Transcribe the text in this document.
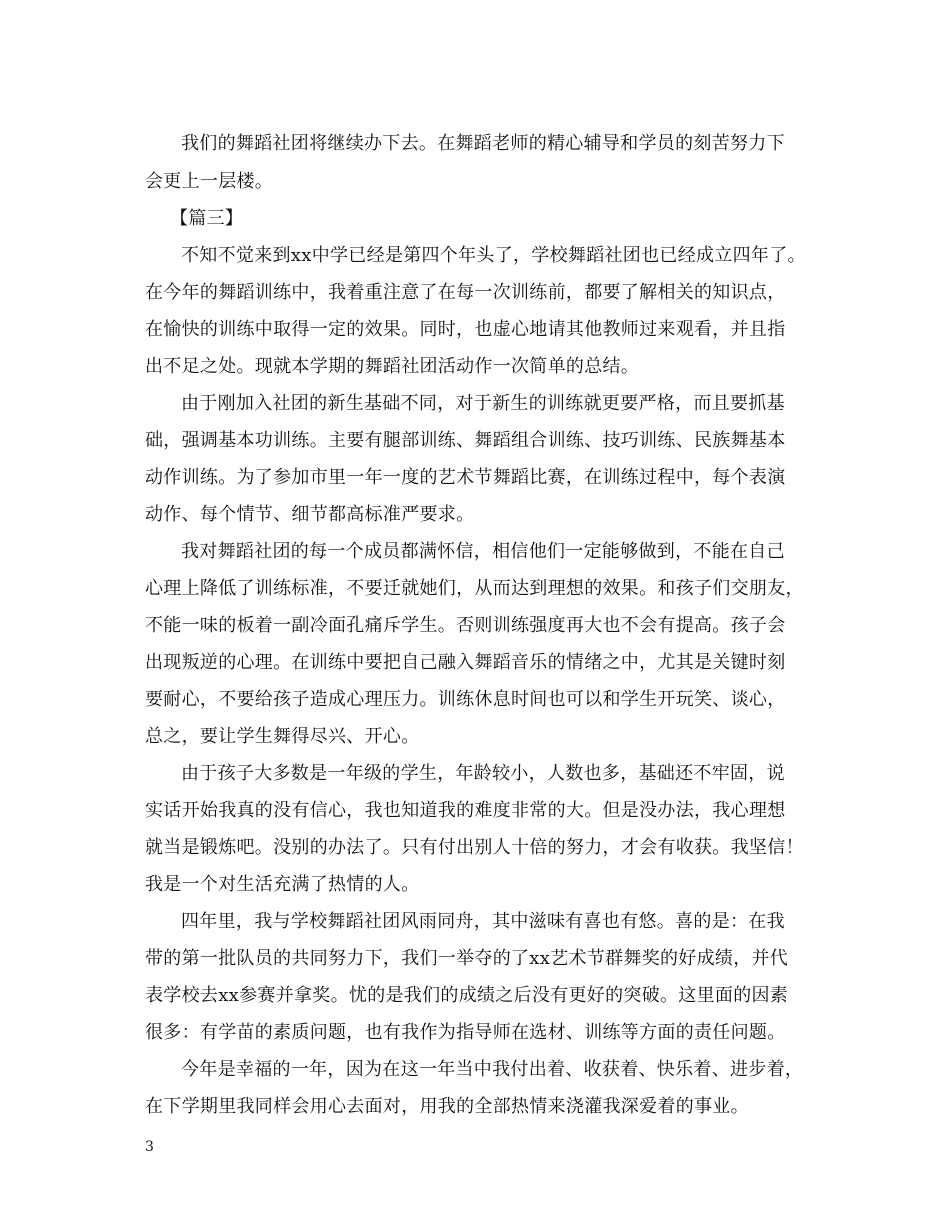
我们的舞蹈社团将继续办下去。在舞蹈老师的精心辅导和学员的刻苦努力下
会更上一层楼。
【篇三】
不知不觉来到xx中学已经是第四个年头了，学校舞蹈社团也已经成立四年了。
在今年的舞蹈训练中，我着重注意了在每一次训练前，都要了解相关的知识点，
在愉快的训练中取得一定的效果。同时，也虚心地请其他教师过来观看，并且指
出不足之处。现就本学期的舞蹈社团活动作一次简单的总结。
由于刚加入社团的新生基础不同，对于新生的训练就更要严格，而且要抓基
础，强调基本功训练。主要有腿部训练、舞蹈组合训练、技巧训练、民族舞基本
动作训练。为了参加市里一年一度的艺术节舞蹈比赛，在训练过程中，每个表演
动作、每个情节、细节都高标准严要求。
我对舞蹈社团的每一个成员都满怀信，相信他们一定能够做到，不能在自己
心理上降低了训练标准，不要迁就她们，从而达到理想的效果。和孩子们交朋友，
不能一味的板着一副冷面孔痛斥学生。否则训练强度再大也不会有提高。孩子会
出现叛逆的心理。在训练中要把自己融入舞蹈音乐的情绪之中，尤其是关键时刻
要耐心，不要给孩子造成心理压力。训练休息时间也可以和学生开玩笑、谈心，
总之，要让学生舞得尽兴、开心。
由于孩子大多数是一年级的学生，年龄较小，人数也多，基础还不牢固，说
实话开始我真的没有信心，我也知道我的难度非常的大。但是没办法，我心理想
就当是锻炼吧。没别的办法了。只有付出别人十倍的努力，才会有收获。我坚信！
我是一个对生活充满了热情的人。
四年里，我与学校舞蹈社团风雨同舟，其中滋味有喜也有悠。喜的是：在我
带的第一批队员的共同努力下，我们一举夺的了xx艺术节群舞奖的好成绩，并代
表学校去xx参赛并拿奖。忧的是我们的成绩之后没有更好的突破。这里面的因素
很多：有学苗的素质问题，也有我作为指导师在选材、训练等方面的责任问题。
今年是幸福的一年，因为在这一年当中我付出着、收获着、快乐着、进步着，
在下学期里我同样会用心去面对，用我的全部热情来浇灌我深爱着的事业。
3
